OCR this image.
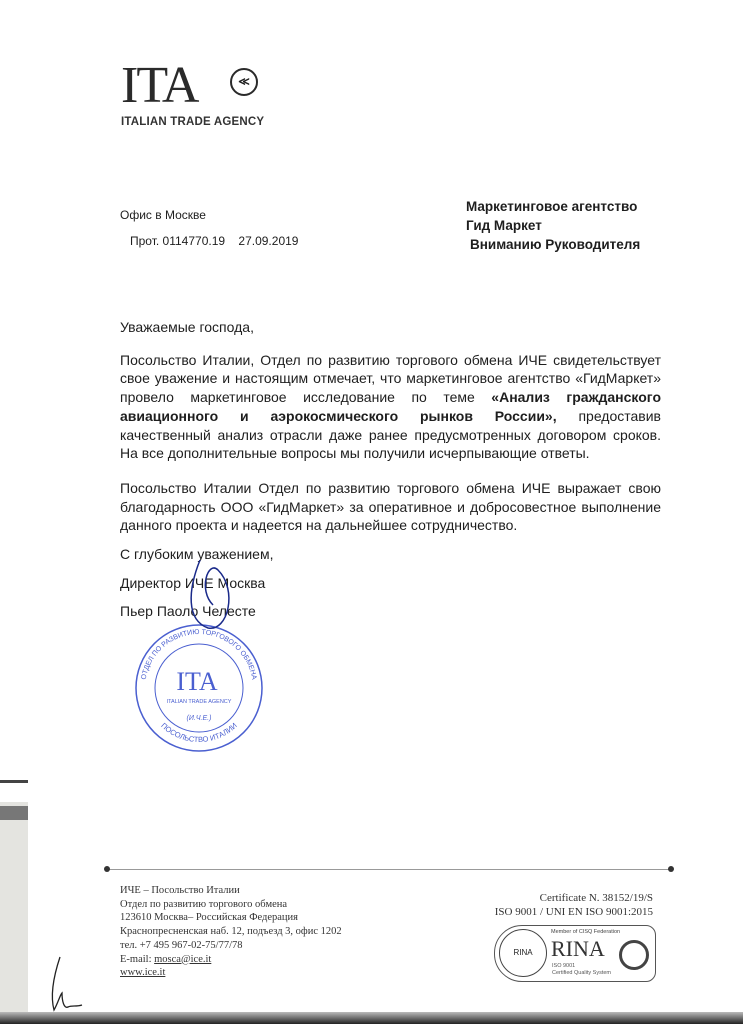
ITA	≪
ITALIAN TRADE AGENCY
Офис в Москве
Прот. 0114770.19 27.09.2019
Маркетинговое агентство
Гид Маркет
Вниманию Руководителя

Уважаемые господа,

Посольство Италии, Отдел по развитию торгового обмена ИЧЕ свидетельствует свое уважение и настоящим отмечает, что маркетинговое агентство «ГидМаркет» провело маркетинговое исследование по теме «Анализ гражданского авиационного и аэрокосмического рынков России», предоставив качественный анализ отрасли даже ранее предусмотренных договором сроков. На все дополнительные вопросы мы получили исчерпывающие ответы.

Посольство Италии Отдел по развитию торгового обмена ИЧЕ выражает свою благодарность ООО «ГидМаркет» за оперативное и добросовестное выполнение данного проекта и надеется на дальнейшее сотрудничество.

С глубоким уважением,

Директор ИЧЕ Москва

Пьер Паоло Челесте

ОТДЕЛ ПО РАЗВИТИЮ ТОРГОВОГО ОБМЕНА
ПОСОЛЬСТВО ИТАЛИИ
ITA
ITALIAN TRADE AGENCY
(И.Ч.Е.)
ИЧЕ – Посольство Италии
Отдел по развитию торгового обмена
123610 Москва– Российская Федерация
Краснопресненская наб. 12, подъезд 3, офис 1202
тел. +7 495 967-02-75/77/78
E-mail: mosca@ice.it
www.ice.it
Certificate N. 38152/19/S
ISO 9001 / UNI EN ISO 9001:2015
RINA
Member of CISQ Federation
RINA
ISO 9001
Certified Quality System
